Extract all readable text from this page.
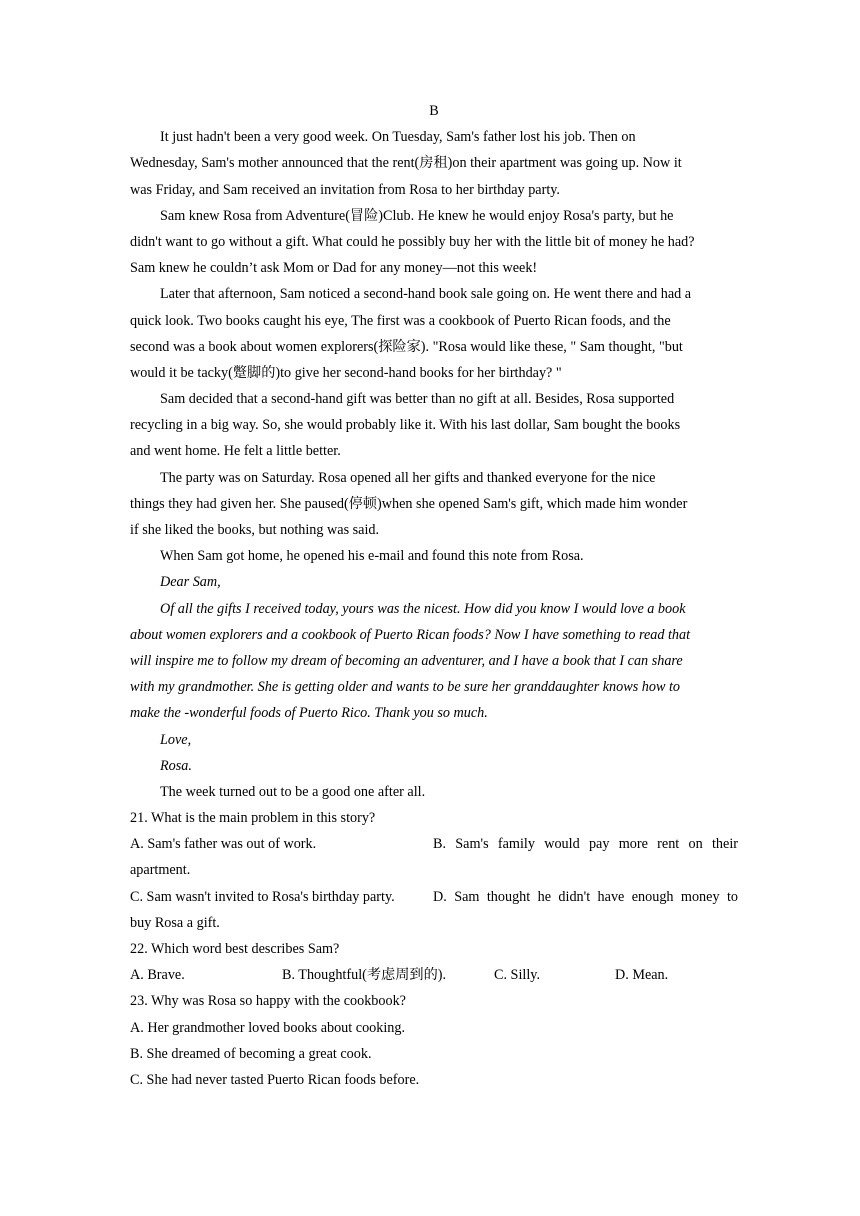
B
It just hadn't been a very good week. On Tuesday, Sam's father lost his job. Then on
Wednesday, Sam's mother announced that the rent(房租)on their apartment was going up. Now it
was Friday, and Sam received an invitation from Rosa to her birthday party.
Sam knew Rosa from Adventure(冒险)Club. He knew he would enjoy Rosa's party, but he
didn't want to go without a gift. What could he possibly buy her with the little bit of money he had?
Sam knew he couldn’t ask Mom or Dad for any money—not this week!
Later that afternoon, Sam noticed a second-hand book sale going on. He went there and had a
quick look. Two books caught his eye, The first was a cookbook of Puerto Rican foods, and the
second was a book about women explorers(探险家). "Rosa would like these, " Sam thought, "but
would it be tacky(蹩脚的)to give her second-hand books for her birthday? "
Sam decided that a second-hand gift was better than no gift at all. Besides, Rosa supported
recycling in a big way. So, she would probably like it. With his last dollar, Sam bought the books
and went home. He felt a little better.
The party was on Saturday. Rosa opened all her gifts and thanked everyone for the nice
things they had given her. She paused(停顿)when she opened Sam's gift, which made him wonder
if she liked the books, but nothing was said.
When Sam got home, he opened his e-mail and found this note from Rosa.
Dear Sam,
Of all the gifts I received today, yours was the nicest. How did you know I would love a book
about women explorers and a cookbook of Puerto Rican foods? Now I have something to read that
will inspire me to follow my dream of becoming an adventurer, and I have a book that I can share
with my grandmother. She is getting older and wants to be sure her granddaughter knows how to
make the -wonderful foods of Puerto Rico. Thank you so much.
Love,
Rosa.
The week turned out to be a good one after all.
21. What is the main problem in this story?
A. Sam's father was out of work.	B. Sam's family would pay more rent on their
apartment.
C. Sam wasn't invited to Rosa's birthday party.	D. Sam thought he didn't have enough money to
buy Rosa a gift.
22. Which word best describes Sam?
A. Brave.	B. Thoughtful(考虑周到的).	C. Silly.	D. Mean.
23. Why was Rosa so happy with the cookbook?
A. Her grandmother loved books about cooking.
B. She dreamed of becoming a great cook.
C. She had never tasted Puerto Rican foods before.
